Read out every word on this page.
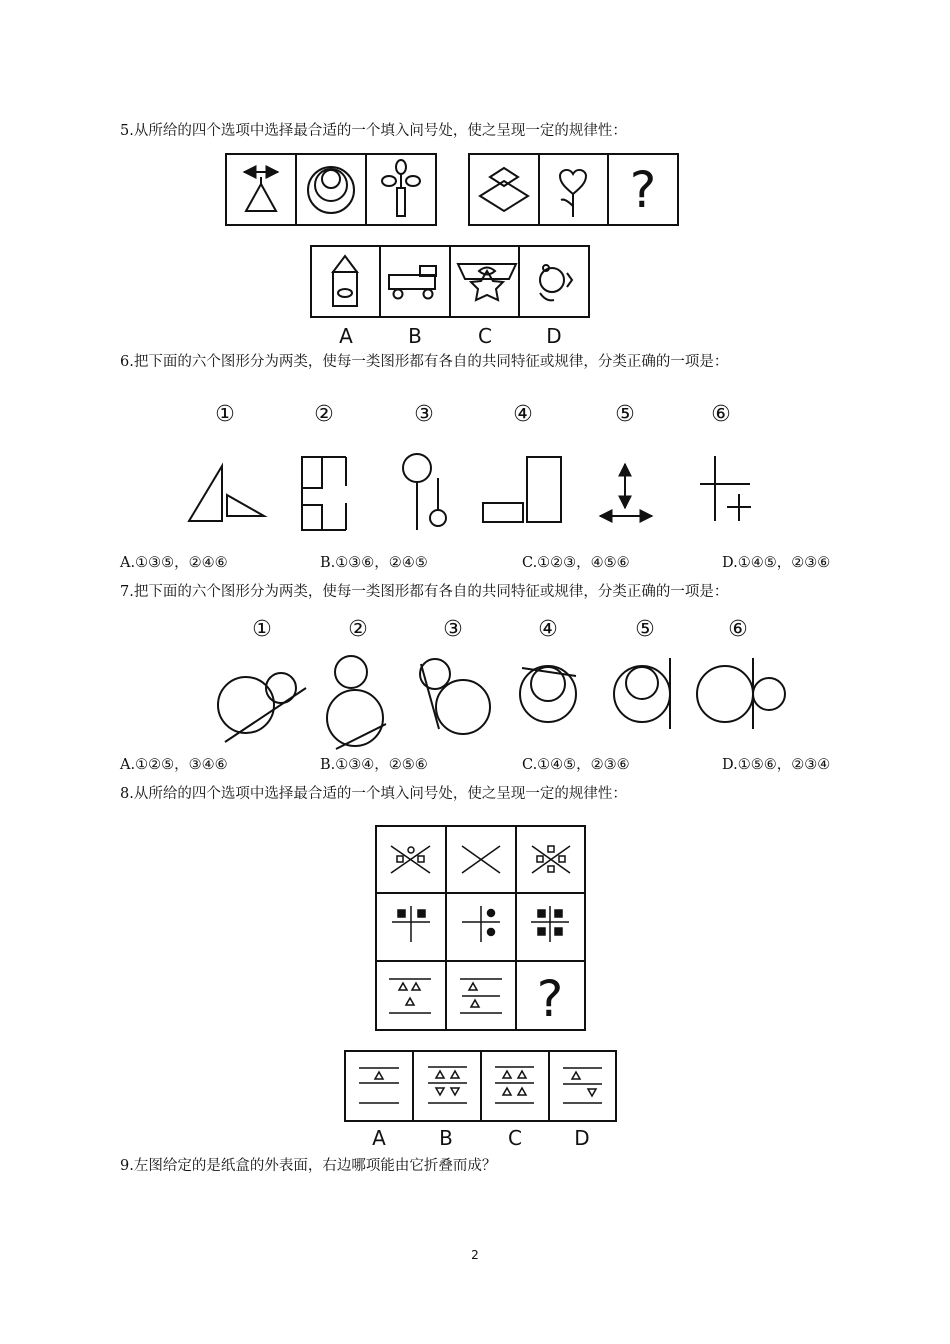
5.从所给的四个选项中选择最合适的一个填入问号处，使之呈现一定的规律性：
6.把下面的六个图形分为两类，使每一类图形都有各自的共同特征或规律，分类正确的一项是：
7.把下面的六个图形分为两类，使每一类图形都有各自的共同特征或规律，分类正确的一项是：
8.从所给的四个选项中选择最合适的一个填入问号处，使之呈现一定的规律性：
9.左图给定的是纸盒的外表面，右边哪项能由它折叠而成？
A.①③⑤，②④⑥	B.①③⑥，②④⑤	C.①②③，④⑤⑥	D.①④⑤，②③⑥
A.①②⑤，③④⑥	B.①③④，②⑤⑥	C.①④⑤，②③⑥	D.①⑤⑥，②③④
?
A	B	C	D
①	②	③	④	⑤	⑥
①	②	③	④	⑤	⑥
?
A	B	C	D
2
